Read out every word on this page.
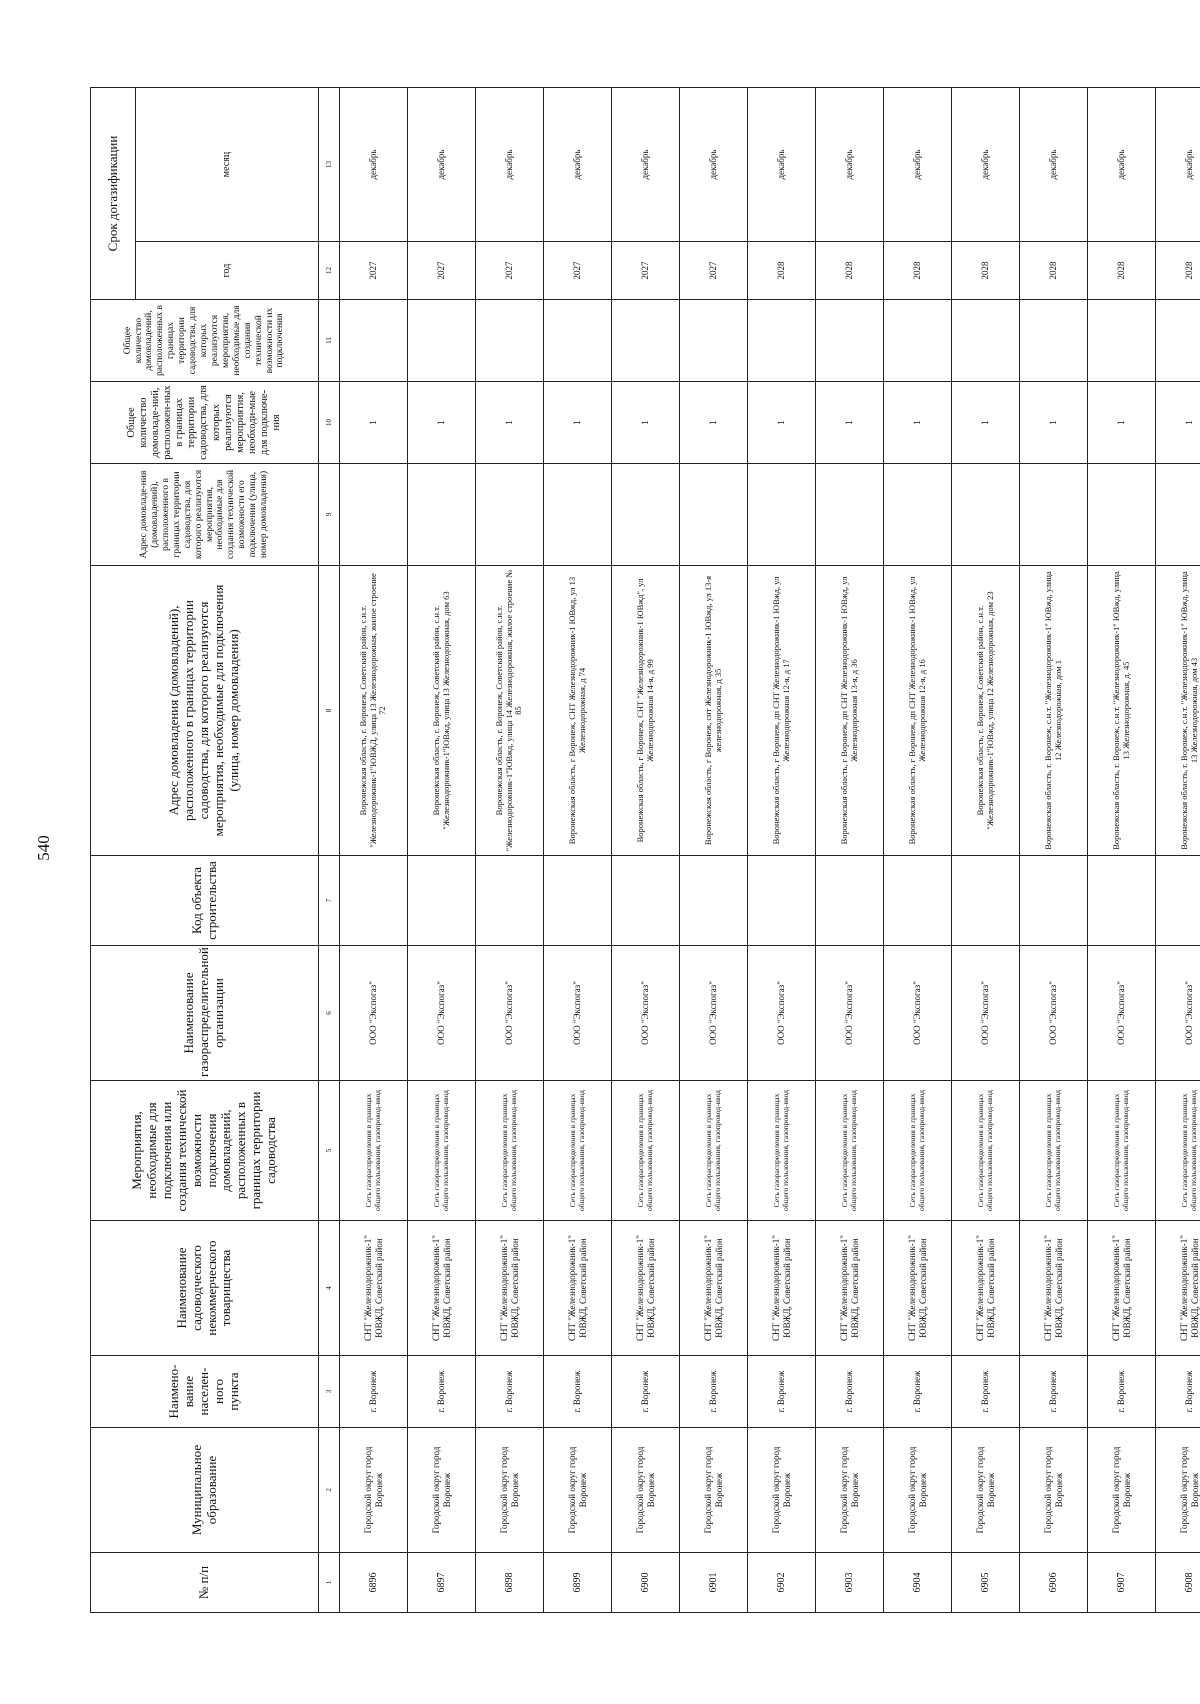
540
№ п/п	Муниципальное образование	Наимено-вание населен-ного пункта	Наименование садоводческого некоммерческого товарищества	Мероприятия, необходимые для подключения или создания технической возможности подключения домовладений, расположенных в границах территории садоводства	Наименование газораспределительной организации	Код объекта строительства	Адрес домовладения (домовладений), расположенного в границах территории садоводства, для которого реализуются мероприятия, необходимые для подключения (улица, номер домовладения)	Адрес домовладе-ния (домовладений), расположенного в границах территории садоводства, для которого реализуются мероприятия, необходимые для создания технической возможности его подключения (улица, номер домовладения)	Общее количество домовладе-ний, расположен-ных в границах территории садоводства, для которых реализуются мероприятия, необходи-мые для подключе-ния	Общее количество домовладений, расположенных в границах территории садоводства, для которых реализуются мероприятия, необходимые для создания технической возможности их подключения	Срок догазификации	
											год	месяц
1	2	3	4	5	6	7	8	9	10	11	12	13
6896	Городской округ город Воронеж	г. Воронеж	СНТ "Железнодорожник-1" ЮВЖД, Советский район	Сеть газораспределения в границах общего пользования, газопровод-ввод	ООО "Экспогаз"		Воронежская область, г. Воронеж, Советский район, с.н.т. "Железнодорожник-1"ЮВЖД, улица 13 Железнодорожная, жилое строение 72		1		2027	декабрь
6897	Городской округ город Воронеж	г. Воронеж	СНТ "Железнодорожник-1" ЮВЖД, Советский район	Сеть газораспределения в границах общего пользования, газопровод-ввод	ООО "Экспогаз"		Воронежская область, г. Воронеж, Советский район, с.н.т. "Железнодорожник-1"ЮВжд, улица 13 Железнодорожная, дом 63		1		2027	декабрь
6898	Городской округ город Воронеж	г. Воронеж	СНТ "Железнодорожник-1" ЮВЖД, Советский район	Сеть газораспределения в границах общего пользования, газопровод-ввод	ООО "Экспогаз"		Воронежская область, г. Воронеж, Советский район, с.н.т. "Железнодорожник-1"ЮВжд, улица 14 Железнодорожная, жилое строение № 85		1		2027	декабрь
6899	Городской округ город Воронеж	г. Воронеж	СНТ "Железнодорожник-1" ЮВЖД, Советский район	Сеть газораспределения в границах общего пользования, газопровод-ввод	ООО "Экспогаз"		Воронежская область, г Воронеж, СНТ Железнодорожник-1 ЮВжд, ул 13 Железнодорожная, д 74		1		2027	декабрь
6900	Городской округ город Воронеж	г. Воронеж	СНТ "Железнодорожник-1" ЮВЖД, Советский район	Сеть газораспределения в границах общего пользования, газопровод-ввод	ООО "Экспогаз"		Воронежская область, г Воронеж, СНТ "Железнодорожник-1 ЮВжд", ул Железнодорожная 14-я, д 99		1		2027	декабрь
6901	Городской округ город Воронеж	г. Воронеж	СНТ "Железнодорожник-1" ЮВЖД, Советский район	Сеть газораспределения в границах общего пользования, газопровод-ввод	ООО "Экспогаз"		Воронежская область, г Воронеж, снт Железнодорожник-1 ЮВжд, ул 13-я железнодорожная, д 35		1		2027	декабрь
6902	Городской округ город Воронеж	г. Воронеж	СНТ "Железнодорожник-1" ЮВЖД, Советский район	Сеть газораспределения в границах общего пользования, газопровод-ввод	ООО "Экспогаз"		Воронежская область, г Воронеж, дп СНТ Железнодорожник-1 ЮВжд, ул Железнодорожная 12-я, д 17		1		2028	декабрь
6903	Городской округ город Воронеж	г. Воронеж	СНТ "Железнодорожник-1" ЮВЖД, Советский район	Сеть газораспределения в границах общего пользования, газопровод-ввод	ООО "Экспогаз"		Воронежская область, г Воронеж, дп СНТ Железнодорожник-1 ЮВжд, ул Железнодорожная 13-я, д 36		1		2028	декабрь
6904	Городской округ город Воронеж	г. Воронеж	СНТ "Железнодорожник-1" ЮВЖД, Советский район	Сеть газораспределения в границах общего пользования, газопровод-ввод	ООО "Экспогаз"		Воронежская область, г Воронеж, дп СНТ Железнодорожник-1 ЮВжд, ул Железнодорожная 12-я, д 16		1		2028	декабрь
6905	Городской округ город Воронеж	г. Воронеж	СНТ "Железнодорожник-1" ЮВЖД, Советский район	Сеть газораспределения в границах общего пользования, газопровод-ввод	ООО "Экспогаз"		Воронежская область, г. Воронеж, Советский район, с.н.т. "Железнодорожник-1"ЮВжд, улица 12 Железнодорожная, дом 23		1		2028	декабрь
6906	Городской округ город Воронеж	г. Воронеж	СНТ "Железнодорожник-1" ЮВЖД, Советский район	Сеть газораспределения в границах общего пользования, газопровод-ввод	ООО "Экспогаз"		Воронежская область, г. Воронеж, с.н.т. "Железнодорожник-1" ЮВжд, улица 12 Железнодорожная, дом 1		1		2028	декабрь
6907	Городской округ город Воронеж	г. Воронеж	СНТ "Железнодорожник-1" ЮВЖД, Советский район	Сеть газораспределения в границах общего пользования, газопровод-ввод	ООО "Экспогаз"		Воронежская область, г. Воронеж, с.н.т. "Железнодорожник-1" ЮВжд, улица 13 Железнодорожная, д. 45		1		2028	декабрь
6908	Городской округ город Воронеж	г. Воронеж	СНТ "Железнодорожник-1" ЮВЖД, Советский район	Сеть газораспределения в границах общего пользования, газопровод-ввод	ООО "Экспогаз"		Воронежская область, г. Воронеж, с.н.т. "Железнодорожник-1" ЮВжд, улица 13 Железнодорожная, дом 43		1		2028	декабрь
